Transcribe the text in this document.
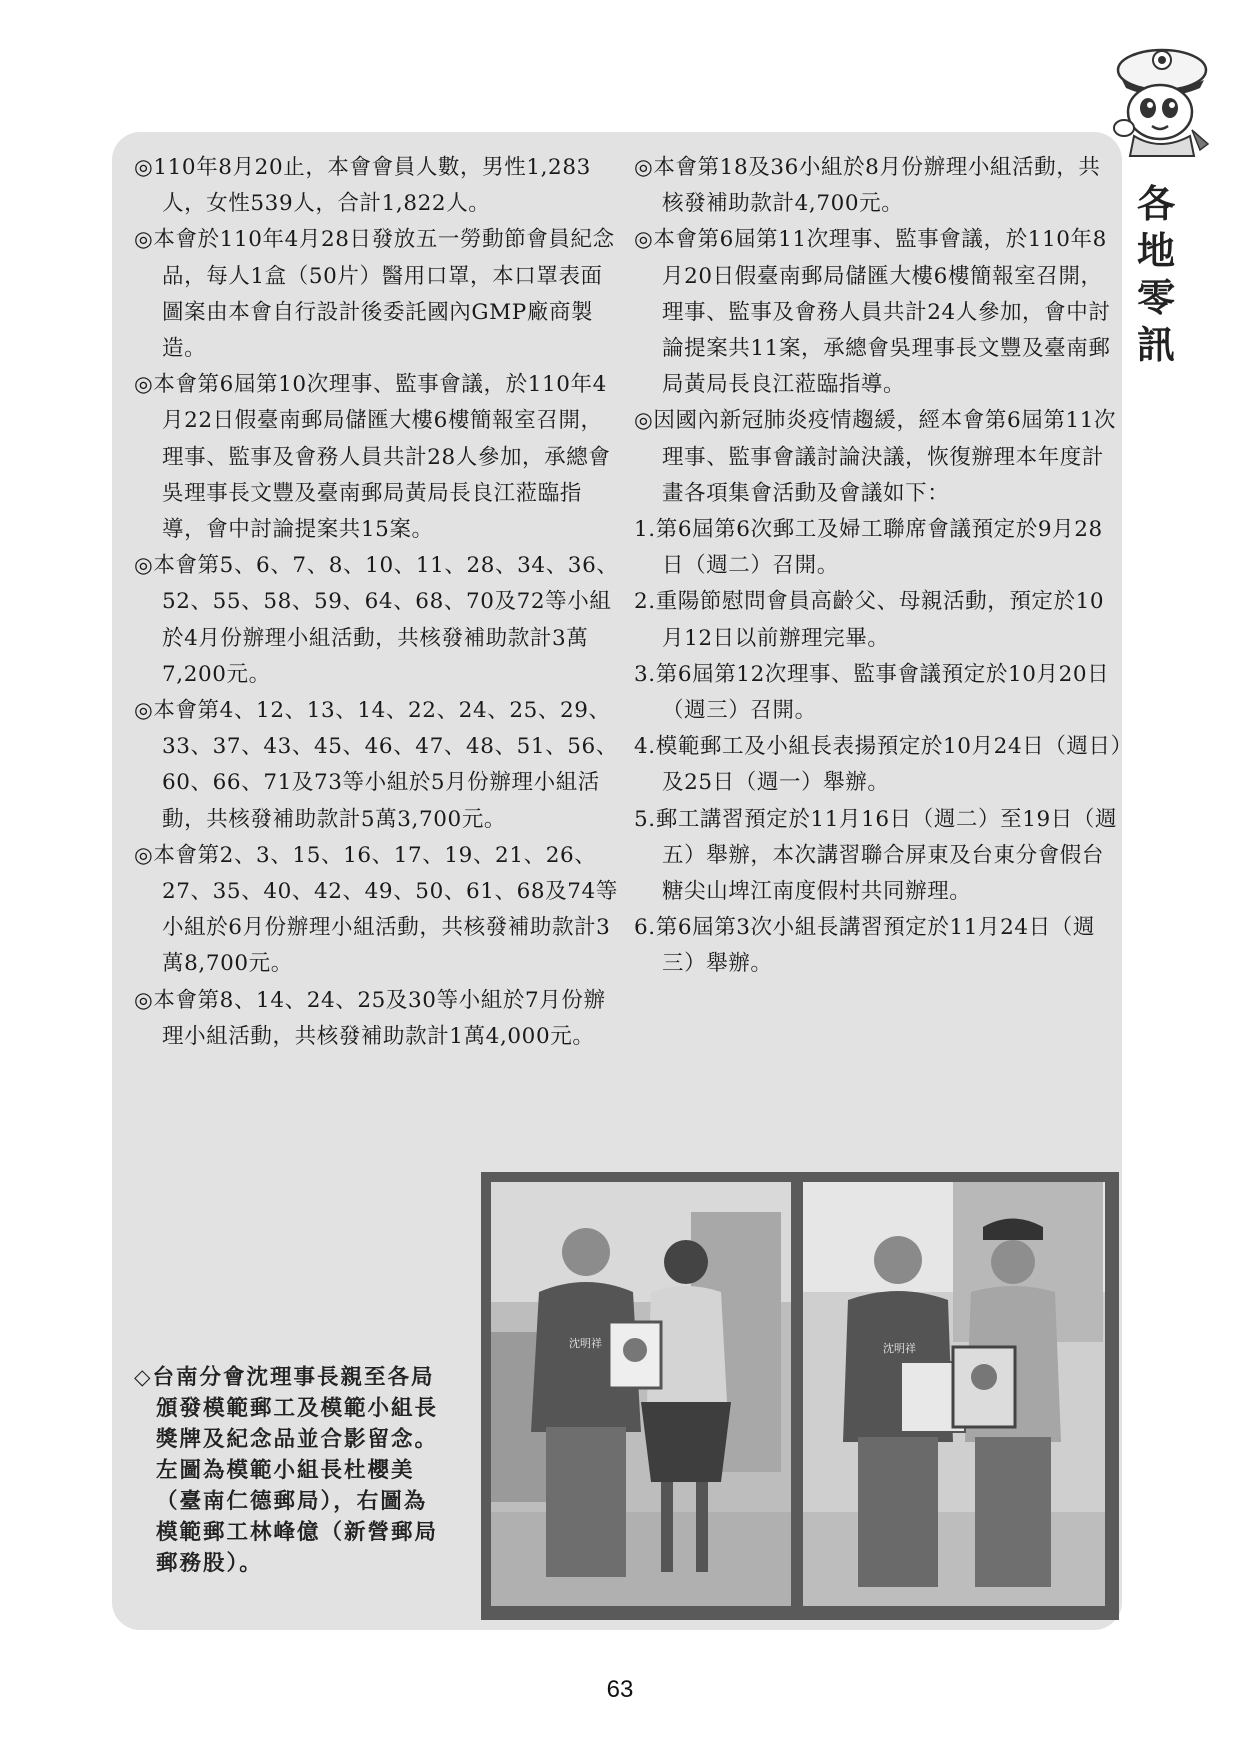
各
地
零
訊

◎110年8月20止，本會會員人數，男性1,283人，女性539人，合計1,822人。

◎本會於110年4月28日發放五一勞動節會員紀念品，每人1盒（50片）醫用口罩，本口罩表面圖案由本會自行設計後委託國內GMP廠商製造。

◎本會第6屆第10次理事、監事會議，於110年4月22日假臺南郵局儲匯大樓6樓簡報室召開，理事、監事及會務人員共計28人參加，承總會吳理事長文豐及臺南郵局黃局長良江蒞臨指導，會中討論提案共15案。

◎本會第5、6、7、8、10、11、28、34、36、52、55、58、59、64、68、70及72等小組於4月份辦理小組活動，共核發補助款計3萬7,200元。

◎本會第4、12、13、14、22、24、25、29、33、37、43、45、46、47、48、51、56、60、66、71及73等小組於5月份辦理小組活動，共核發補助款計5萬3,700元。

◎本會第2、3、15、16、17、19、21、26、27、35、40、42、49、50、61、68及74等小組於6月份辦理小組活動，共核發補助款計3萬8,700元。

◎本會第8、14、24、25及30等小組於7月份辦理小組活動，共核發補助款計1萬4,000元。

◎本會第18及36小組於8月份辦理小組活動，共核發補助款計4,700元。

◎本會第6屆第11次理事、監事會議，於110年8月20日假臺南郵局儲匯大樓6樓簡報室召開，理事、監事及會務人員共計24人參加，會中討論提案共11案，承總會吳理事長文豐及臺南郵局黃局長良江蒞臨指導。

◎因國內新冠肺炎疫情趨緩，經本會第6屆第11次理事、監事會議討論決議，恢復辦理本年度計畫各項集會活動及會議如下：

1.第6屆第6次郵工及婦工聯席會議預定於9月28日（週二）召開。

2.重陽節慰問會員高齡父、母親活動，預定於10月12日以前辦理完畢。

3.第6屆第12次理事、監事會議預定於10月20日（週三）召開。

4.模範郵工及小組長表揚預定於10月24日（週日）及25日（週一）舉辦。

5.郵工講習預定於11月16日（週二）至19日（週五）舉辦，本次講習聯合屏東及台東分會假台糖尖山埤江南度假村共同辦理。

6.第6屆第3次小組長講習預定於11月24日（週三）舉辦。

◇台南分會沈理事長親至各局

頒發模範郵工及模範小組長

獎牌及紀念品並合影留念。

左圖為模範小組長杜櫻美

（臺南仁德郵局），右圖為

模範郵工林峰億（新營郵局

郵務股）。

沈明祥	沈明祥
63
